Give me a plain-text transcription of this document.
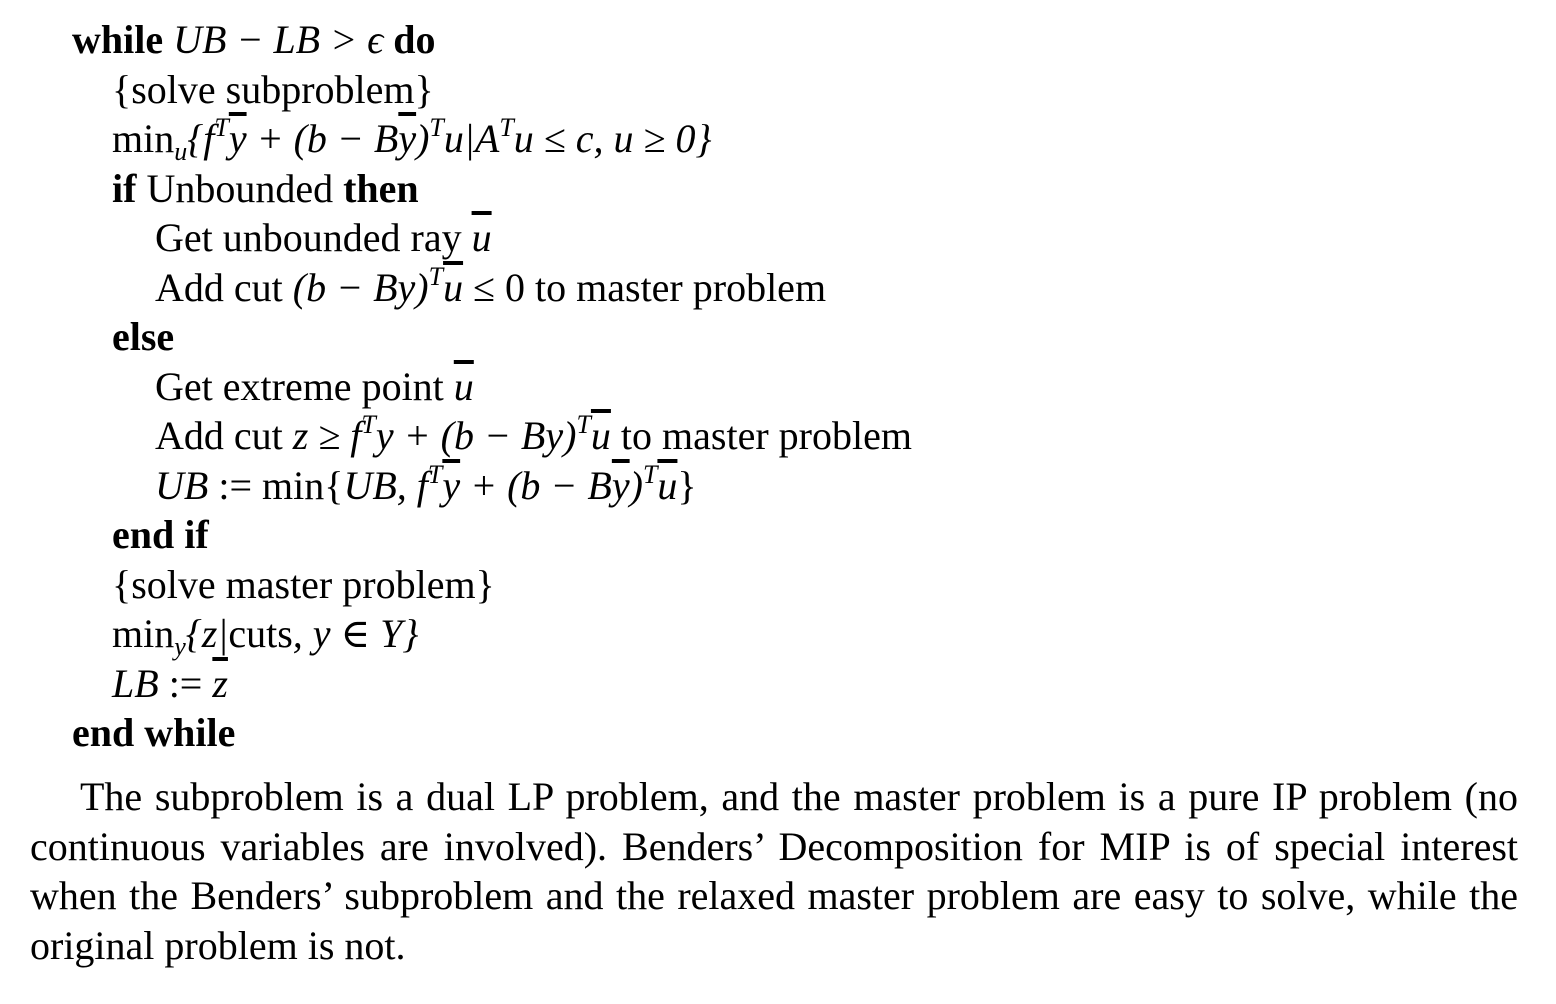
while UB − LB > ϵ do
{solve subproblem}
$\min_u\{f^T\overline{y} + (b - B\overline{y})^Tu|A^Tu \le c$, u ≥ 0}
if Unbounded then
Get unbounded ray $\overline{u}$
Add cut $(b - By)^T\overline{u} \le 0$ to master problem
else
Get extreme point $\overline{u}$
Add cut $z \ge f^Ty + (b - By)^T\overline{u}$ to master problem
UB := min{UB, $f^T\overline{y} + (b - B\overline{y})^T\overline{u}$}
end if
{solve master problem}
$\min_y\{z|cuts$, y ∈ Y}
LB := $\overline{z}$
end while

The subproblem is a dual LP problem, and the master problem is a pure IP problem (no continuous variables are involved). Benders’ Decomposition for MIP is of special interest when the Benders’ subproblem and the relaxed master problem are easy to solve, while the original problem is not.
